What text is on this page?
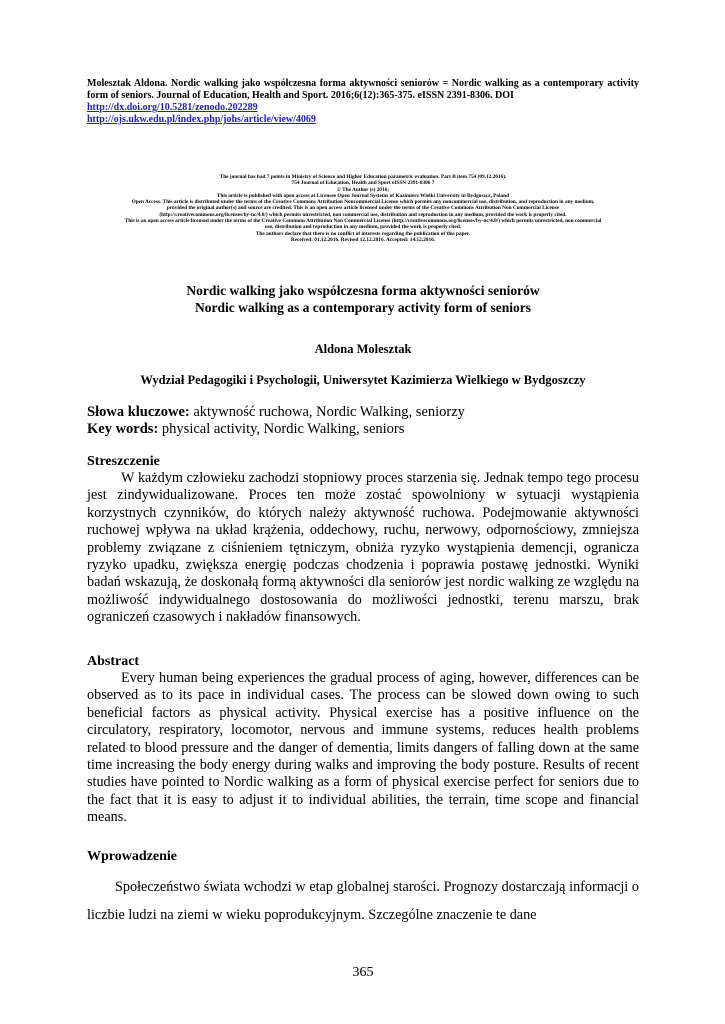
Molesztak Aldona. Nordic walking jako współczesna forma aktywności seniorów = Nordic walking as a contemporary activity form of seniors. Journal of Education, Health and Sport. 2016;6(12):365-375. eISSN 2391-8306. DOI
http://dx.doi.org/10.5281/zenodo.202289
http://ojs.ukw.edu.pl/index.php/johs/article/view/4069
The journal has had 7 points in Ministry of Science and Higher Education parametric evaluation. Part B item 754 (09.12.2016).
754 Journal of Education, Health and Sport eISSN 2391-8306 7
© The Author (s) 2016;
This article is published with open access at Licensee Open Journal Systems of Kazimierz Wielki University in Bydgoszcz, Poland
Open Access. This article is distributed under the terms of the Creative Commons Attribution Noncommercial License which permits any noncommercial use, distribution, and reproduction in any medium,
provided the original author(s) and source are credited. This is an open access article licensed under the terms of the Creative Commons Attribution Non Commercial License
(http://creativecommons.org/licenses/by-nc/4.0/) which permits unrestricted, non commercial use, distribution and reproduction in any medium, provided the work is properly cited.
This is an open access article licensed under the terms of the Creative Commons Attribution Non Commercial License (http://creativecommons.org/licenses/by-nc/4.0/) which permits unrestricted, non commercial
use, distribution and reproduction in any medium, provided the work is properly cited.
The authors declare that there is no conflict of interests regarding the publication of this paper.
Received: 01.12.2016. Revised 12.12.2016. Accepted: 14.12.2016.
Nordic walking jako współczesna forma aktywności seniorów
Nordic walking as a contemporary activity form of seniors
Aldona Molesztak
Wydział Pedagogiki i Psychologii, Uniwersytet Kazimierza Wielkiego w Bydgoszczy
Słowa kluczowe: aktywność ruchowa, Nordic Walking, seniorzy
Key words: physical activity, Nordic Walking, seniors
Streszczenie
W każdym człowieku zachodzi stopniowy proces starzenia się. Jednak tempo tego procesu jest zindywidualizowane. Proces ten może zostać spowolniony w sytuacji wystąpienia korzystnych czynników, do których należy aktywność ruchowa. Podejmowanie aktywności ruchowej wpływa na układ krążenia, oddechowy, ruchu, nerwowy, odpornościowy, zmniejsza problemy związane z ciśnieniem tętniczym, obniża ryzyko wystąpienia demencji, ogranicza ryzyko upadku, zwiększa energię podczas chodzenia i poprawia postawę jednostki. Wyniki badań wskazują, że doskonałą formą aktywności dla seniorów jest nordic walking ze względu na możliwość indywidualnego dostosowania do możliwości jednostki, terenu marszu, brak ograniczeń czasowych i nakładów finansowych.
Abstract
Every human being experiences the gradual process of aging, however, differences can be observed as to its pace in individual cases. The process can be slowed down owing to such beneficial factors as physical activity. Physical exercise has a positive influence on the circulatory, respiratory, locomotor, nervous and immune systems, reduces health problems related to blood pressure and the danger of dementia, limits dangers of falling down at the same time increasing the body energy during walks and improving the body posture. Results of recent studies have pointed to Nordic walking as a form of physical exercise perfect for seniors due to the fact that it is easy to adjust it to individual abilities, the terrain, time scope and financial means.
Wprowadzenie
Społeczeństwo świata wchodzi w etap globalnej starości. Prognozy dostarczają informacji o liczbie ludzi na ziemi w wieku poprodukcyjnym. Szczególne znaczenie te dane
365
